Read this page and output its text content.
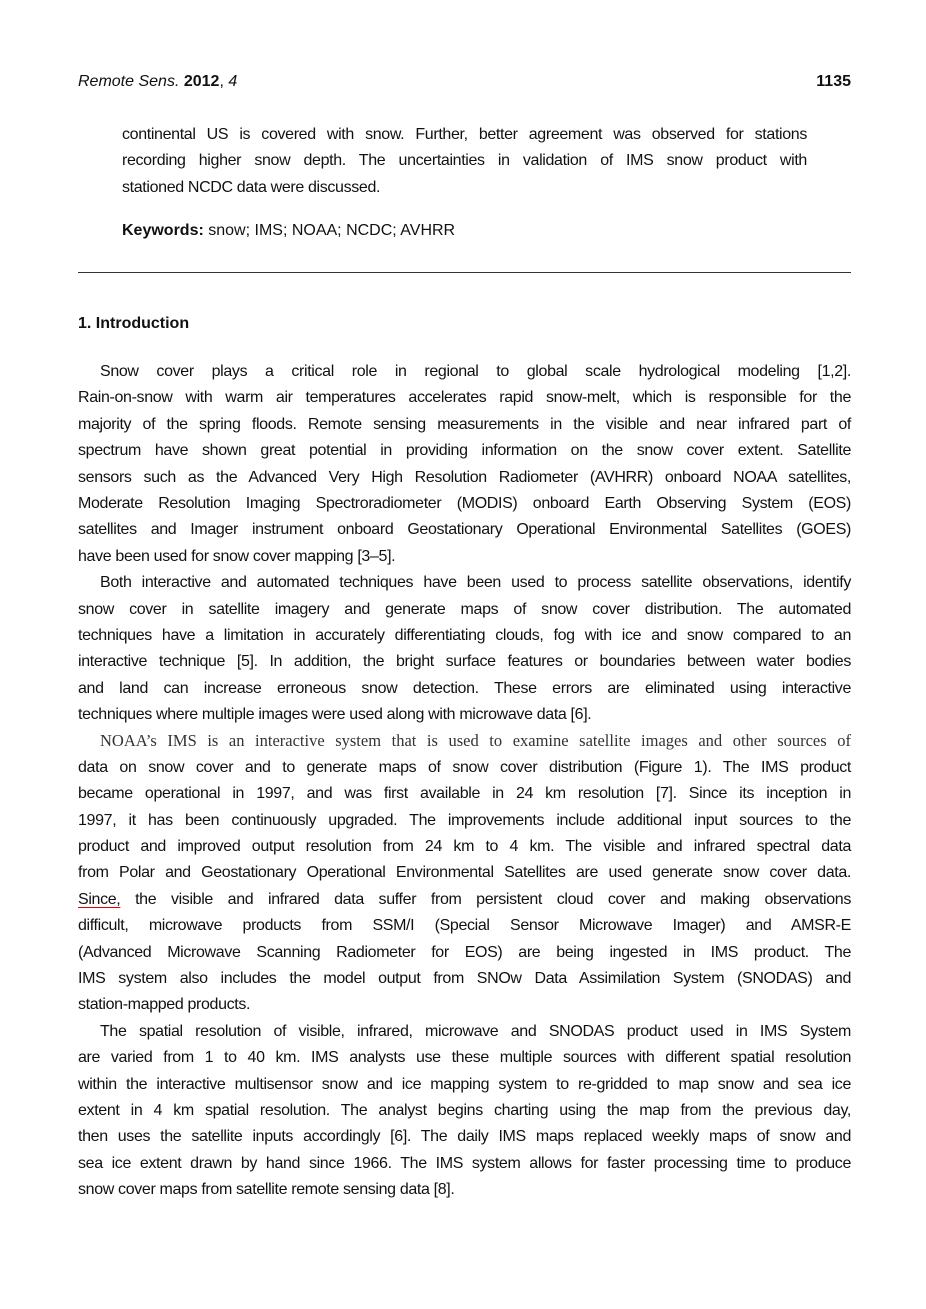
Remote Sens. 2012, 4	1135
continental US is covered with snow. Further, better agreement was observed for stations
recording higher snow depth. The uncertainties in validation of IMS snow product with
stationed NCDC data were discussed.
Keywords: snow; IMS; NOAA; NCDC; AVHRR
1. Introduction
Snow cover plays a critical role in regional to global scale hydrological modeling [1,2].
Rain-on-snow with warm air temperatures accelerates rapid snow-melt, which is responsible for the
majority of the spring floods. Remote sensing measurements in the visible and near infrared part of
spectrum have shown great potential in providing information on the snow cover extent. Satellite
sensors such as the Advanced Very High Resolution Radiometer (AVHRR) onboard NOAA satellites,
Moderate Resolution Imaging Spectroradiometer (MODIS) onboard Earth Observing System (EOS)
satellites and Imager instrument onboard Geostationary Operational Environmental Satellites (GOES)
have been used for snow cover mapping [3–5].
Both interactive and automated techniques have been used to process satellite observations, identify
snow cover in satellite imagery and generate maps of snow cover distribution. The automated
techniques have a limitation in accurately differentiating clouds, fog with ice and snow compared to an
interactive technique [5]. In addition, the bright surface features or boundaries between water bodies
and land can increase erroneous snow detection. These errors are eliminated using interactive
techniques where multiple images were used along with microwave data [6].
NOAA’s IMS is an interactive system that is used to examine satellite images and other sources of
data on snow cover and to generate maps of snow cover distribution (Figure 1). The IMS product
became operational in 1997, and was first available in 24 km resolution [7]. Since its inception in
1997, it has been continuously upgraded. The improvements include additional input sources to the
product and improved output resolution from 24 km to 4 km. The visible and infrared spectral data
from Polar and Geostationary Operational Environmental Satellites are used generate snow cover data.
Since, the visible and infrared data suffer from persistent cloud cover and making observations
difficult, microwave products from SSM/I (Special Sensor Microwave Imager) and AMSR-E
(Advanced Microwave Scanning Radiometer for EOS) are being ingested in IMS product. The
IMS system also includes the model output from SNOw Data Assimilation System (SNODAS) and
station-mapped products.
The spatial resolution of visible, infrared, microwave and SNODAS product used in IMS System
are varied from 1 to 40 km. IMS analysts use these multiple sources with different spatial resolution
within the interactive multisensor snow and ice mapping system to re-gridded to map snow and sea ice
extent in 4 km spatial resolution. The analyst begins charting using the map from the previous day,
then uses the satellite inputs accordingly [6]. The daily IMS maps replaced weekly maps of snow and
sea ice extent drawn by hand since 1966. The IMS system allows for faster processing time to produce
snow cover maps from satellite remote sensing data [8].
